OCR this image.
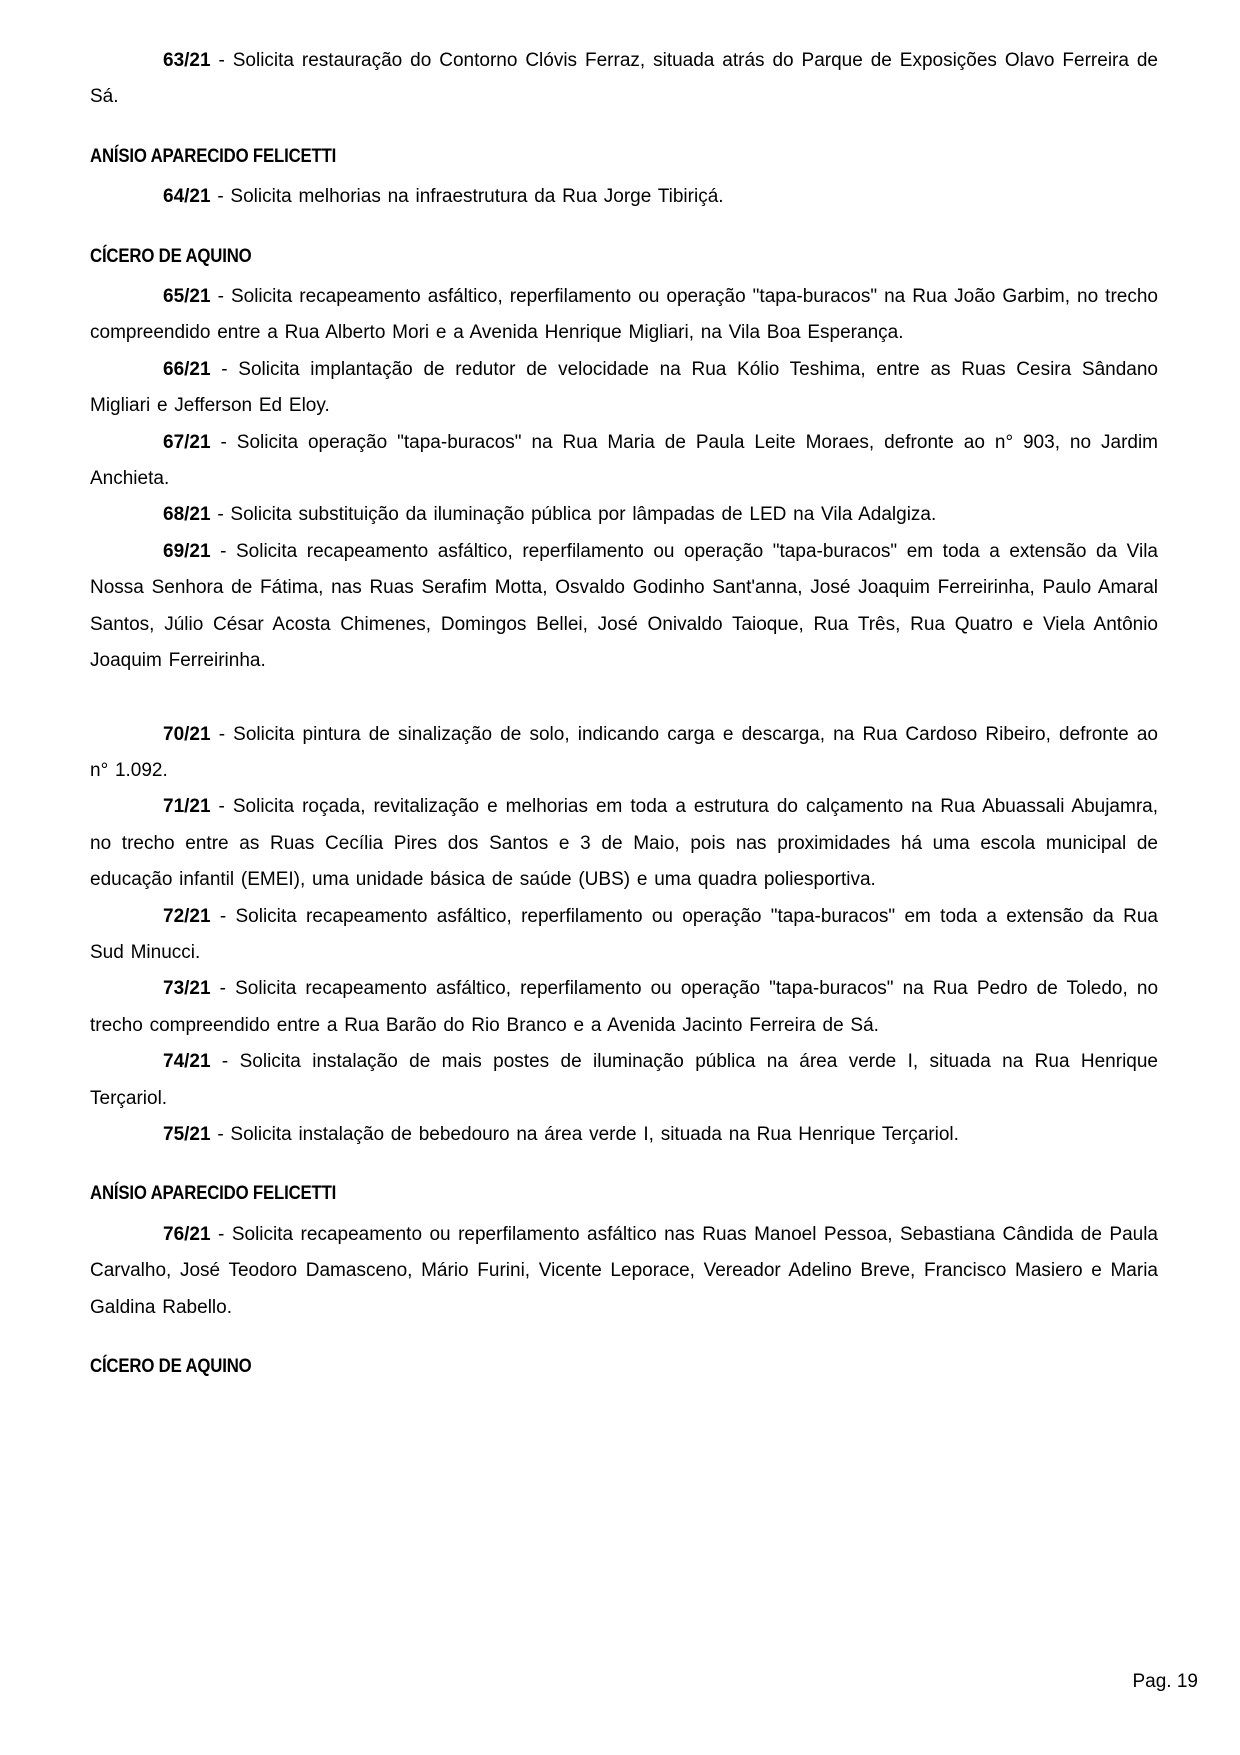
63/21 - Solicita restauração do Contorno Clóvis Ferraz, situada atrás do Parque de Exposições Olavo Ferreira de Sá.

ANÍSIO APARECIDO FELICETTI

64/21 - Solicita melhorias na infraestrutura da Rua Jorge Tibiriçá.

CÍCERO DE AQUINO

65/21 - Solicita recapeamento asfáltico, reperfilamento ou operação "tapa-buracos" na Rua João Garbim, no trecho compreendido entre a Rua Alberto Mori e a Avenida Henrique Migliari, na Vila Boa Esperança.

66/21 - Solicita implantação de redutor de velocidade na Rua Kólio Teshima, entre as Ruas Cesira Sândano Migliari e Jefferson Ed Eloy.

67/21 - Solicita operação "tapa-buracos" na Rua Maria de Paula Leite Moraes, defronte ao n° 903, no Jardim Anchieta.

68/21 - Solicita substituição da iluminação pública por lâmpadas de LED na Vila Adalgiza.

69/21 - Solicita recapeamento asfáltico, reperfilamento ou operação "tapa-buracos" em toda a extensão da Vila Nossa Senhora de Fátima, nas Ruas Serafim Motta, Osvaldo Godinho Sant'anna, José Joaquim Ferreirinha, Paulo Amaral Santos, Júlio César Acosta Chimenes, Domingos Bellei, José Onivaldo Taioque, Rua Três, Rua Quatro e Viela Antônio Joaquim Ferreirinha.

70/21 - Solicita pintura de sinalização de solo, indicando carga e descarga, na Rua Cardoso Ribeiro, defronte ao n° 1.092.

71/21 - Solicita roçada, revitalização e melhorias em toda a estrutura do calçamento na Rua Abuassali Abujamra, no trecho entre as Ruas Cecília Pires dos Santos e 3 de Maio, pois nas proximidades há uma escola municipal de educação infantil (EMEI), uma unidade básica de saúde (UBS) e uma quadra poliesportiva.

72/21 - Solicita recapeamento asfáltico, reperfilamento ou operação "tapa-buracos" em toda a extensão da Rua Sud Minucci.

73/21 - Solicita recapeamento asfáltico, reperfilamento ou operação "tapa-buracos" na Rua Pedro de Toledo, no trecho compreendido entre a Rua Barão do Rio Branco e a Avenida Jacinto Ferreira de Sá.

74/21 - Solicita instalação de mais postes de iluminação pública na área verde I, situada na Rua Henrique Terçariol.

75/21 - Solicita instalação de bebedouro na área verde I, situada na Rua Henrique Terçariol.

ANÍSIO APARECIDO FELICETTI

76/21 - Solicita recapeamento ou reperfilamento asfáltico nas Ruas Manoel Pessoa, Sebastiana Cândida de Paula Carvalho, José Teodoro Damasceno, Mário Furini, Vicente Leporace, Vereador Adelino Breve, Francisco Masiero e Maria Galdina Rabello.

CÍCERO DE AQUINO
Pag. 19
